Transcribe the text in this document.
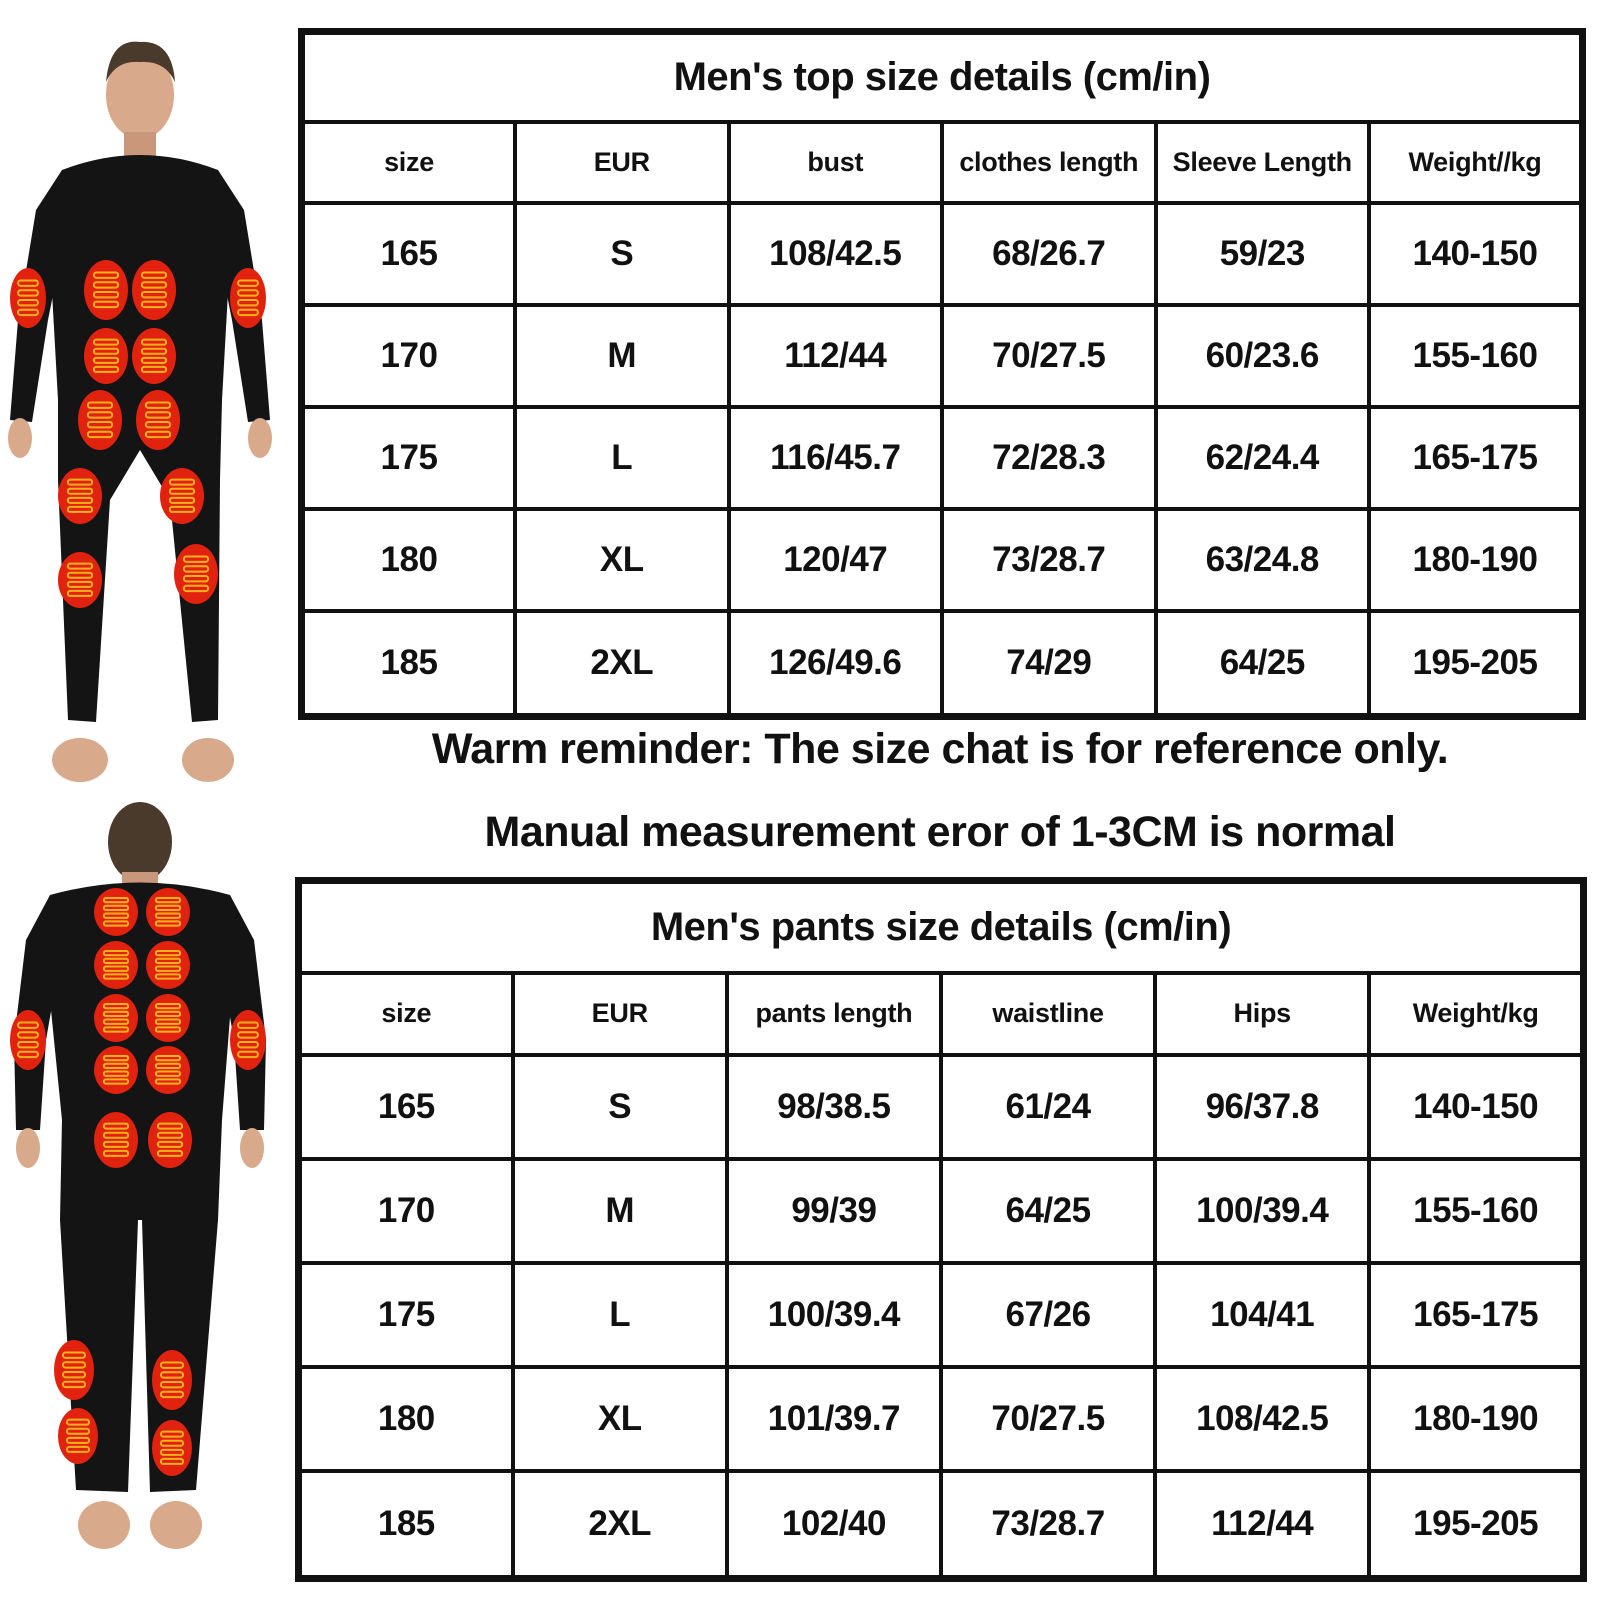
Men's top size details (cm/in)					
size	EUR	bust	clothes length	Sleeve Length	Weight//kg
165	S	108/42.5	68/26.7	59/23	140-150
170	M	112/44	70/27.5	60/23.6	155-160
175	L	116/45.7	72/28.3	62/24.4	165-175
180	XL	120/47	73/28.7	63/24.8	180-190
185	2XL	126/49.6	74/29	64/25	195-205

Warm reminder: The size chat is for reference only.

Manual measurement eror of 1-3CM is normal

Men's pants size details (cm/in)					
size	EUR	pants length	waistline	Hips	Weight/kg
165	S	98/38.5	61/24	96/37.8	140-150
170	M	99/39	64/25	100/39.4	155-160
175	L	100/39.4	67/26	104/41	165-175
180	XL	101/39.7	70/27.5	108/42.5	180-190
185	2XL	102/40	73/28.7	112/44	195-205
